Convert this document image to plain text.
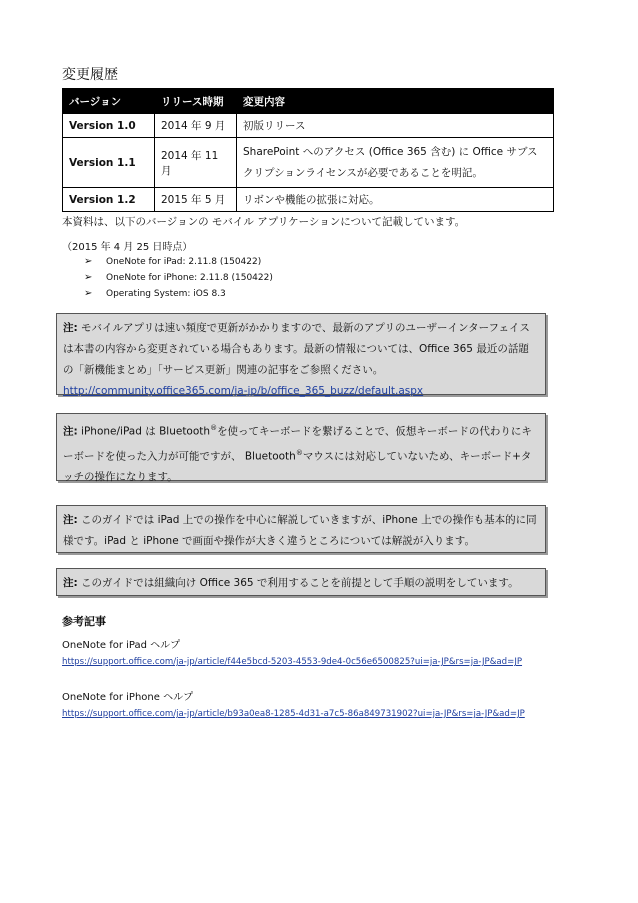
変更履歴
バージョン	リリース時期	変更内容
Version 1.0	2014 年 9 月	初版リリース
Version 1.1	2014 年 11 月	SharePoint へのアクセス (Office 365 含む) に Office サブスクリプションライセンスが必要であることを明記。
Version 1.2	2015 年 5 月	リボンや機能の拡張に対応。
本資料は、以下のバージョンの モバイル アプリケーションについて記載しています。
（2015 年 4 月 25 日時点）
➢ OneNote for iPad: 2.11.8 (150422)
➢ OneNote for iPhone: 2.11.8 (150422)
➢ Operating System: iOS 8.3
注: モバイルアプリは速い頻度で更新がかかりますので、最新のアプリのユーザーインターフェイスは本書の内容から変更されている場合もあります。最新の情報については、Office 365 最近の話題の「新機能まとめ」「サービス更新」関連の記事をご参照ください。
http://community.office365.com/ja-jp/b/office_365_buzz/default.aspx
注: iPhone/iPad は Bluetooth®を使ってキーボードを繋げることで、仮想キーボードの代わりにキーボードを使った入力が可能ですが、 Bluetooth®マウスには対応していないため、キーボード+タッチの操作になります。
注: このガイドでは iPad 上での操作を中心に解説していきますが、iPhone 上での操作も基本的に同様です。iPad と iPhone で画面や操作が大きく違うところについては解説が入ります。
注: このガイドでは組織向け Office 365 で利用することを前提として手順の説明をしています。
参考記事
OneNote for iPad ヘルプ
https://support.office.com/ja-jp/article/f44e5bcd-5203-4553-9de4-0c56e6500825?ui=ja-JP&rs=ja-JP&ad=JP
OneNote for iPhone ヘルプ
https://support.office.com/ja-jp/article/b93a0ea8-1285-4d31-a7c5-86a849731902?ui=ja-JP&rs=ja-JP&ad=JP
